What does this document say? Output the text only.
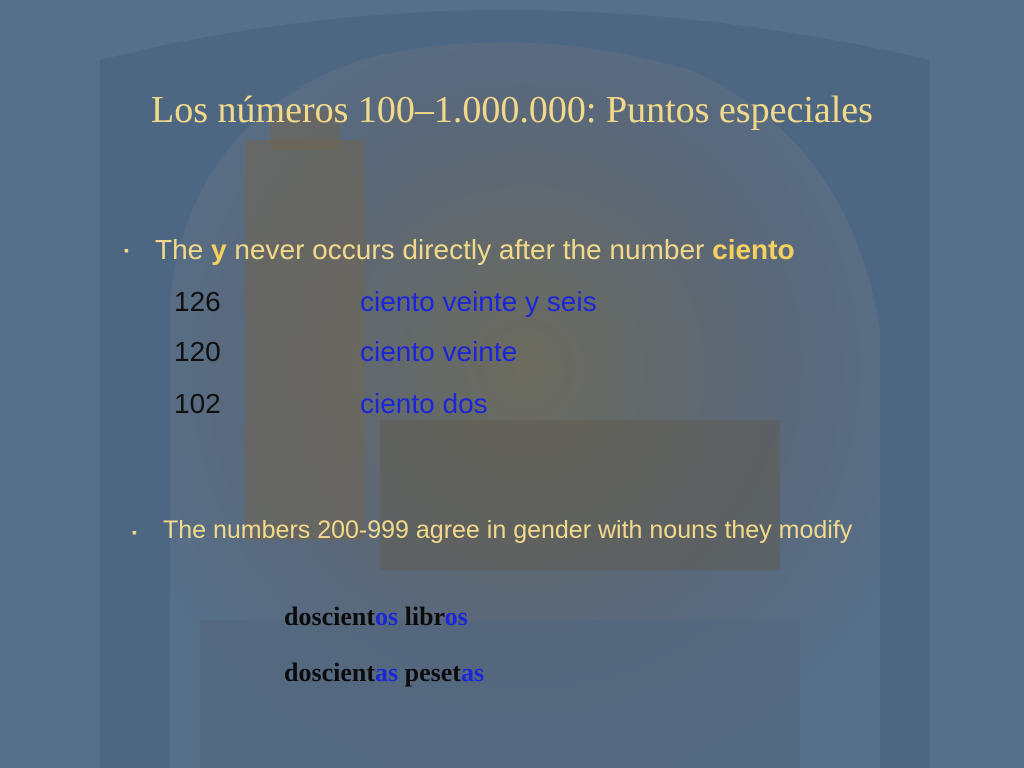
Los números 100–1.000.000: Puntos especiales
▪ The y never occurs directly after the number ciento
126	ciento veinte y seis
120	ciento veinte
102	ciento dos
▪ The numbers 200-999 agree in gender with nouns they modify
doscientos libros
doscientas pesetas
